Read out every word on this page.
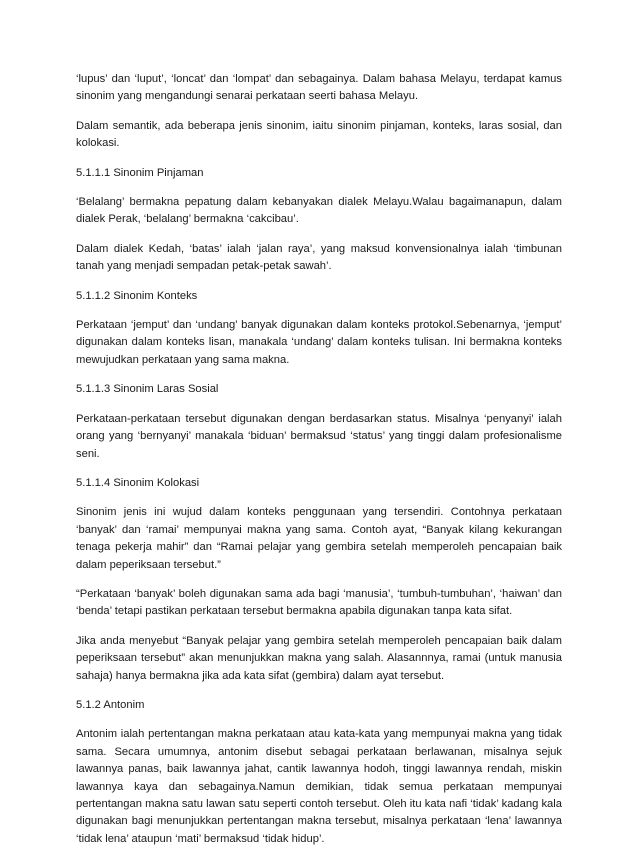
‘lupus’ dan ‘luput’, ‘loncat’ dan ‘lompat’ dan sebagainya. Dalam bahasa Melayu, terdapat kamus sinonim yang mengandungi senarai perkataan seerti bahasa Melayu.

Dalam semantik, ada beberapa jenis sinonim, iaitu sinonim pinjaman, konteks, laras sosial, dan kolokasi.

5.1.1.1 Sinonim Pinjaman

‘Belalang’ bermakna pepatung dalam kebanyakan dialek Melayu.Walau bagaimanapun, dalam dialek Perak, ‘belalang’ bermakna ‘cakcibau’.

Dalam dialek Kedah, ‘batas’ ialah ‘jalan raya’, yang maksud konvensionalnya ialah ‘timbunan tanah yang menjadi sempadan petak-petak sawah’.

5.1.1.2 Sinonim Konteks

Perkataan ‘jemput’ dan ‘undang’ banyak digunakan dalam konteks protokol.Sebenarnya, ‘jemput’ digunakan dalam konteks lisan, manakala ‘undang’ dalam konteks tulisan. Ini bermakna konteks mewujudkan perkataan yang sama makna.

5.1.1.3 Sinonim Laras Sosial

Perkataan-perkataan tersebut digunakan dengan berdasarkan status. Misalnya ‘penyanyi’ ialah orang yang ‘bernyanyi’ manakala ‘biduan’ bermaksud ‘status’ yang tinggi dalam profesionalisme seni.

5.1.1.4 Sinonim Kolokasi

Sinonim jenis ini wujud dalam konteks penggunaan yang tersendiri. Contohnya perkataan ‘banyak’ dan ‘ramai’ mempunyai makna yang sama. Contoh ayat, “Banyak kilang kekurangan tenaga pekerja mahir” dan “Ramai pelajar yang gembira setelah memperoleh pencapaian baik dalam peperiksaan tersebut.”

“Perkataan ‘banyak’ boleh digunakan sama ada bagi ‘manusia’, ‘tumbuh-tumbuhan’, ‘haiwan’ dan ‘benda’ tetapi pastikan perkataan tersebut bermakna apabila digunakan tanpa kata sifat.

Jika anda menyebut “Banyak pelajar yang gembira setelah memperoleh pencapaian baik dalam peperiksaan tersebut” akan menunjukkan makna yang salah. Alasannnya, ramai (untuk manusia sahaja) hanya bermakna jika ada kata sifat (gembira) dalam ayat tersebut.

5.1.2 Antonim

Antonim ialah pertentangan makna perkataan atau kata-kata yang mempunyai makna yang tidak sama. Secara umumnya, antonim disebut sebagai perkataan berlawanan, misalnya sejuk lawannya panas, baik lawannya jahat, cantik lawannya hodoh, tinggi lawannya rendah, miskin lawannya kaya dan sebagainya.Namun demikian, tidak semua perkataan mempunyai pertentangan makna satu lawan satu seperti contoh tersebut. Oleh itu kata nafi ‘tidak’ kadang kala digunakan bagi menunjukkan pertentangan makna tersebut, misalnya perkataan ‘lena’ lawannya ‘tidak lena’ ataupun ‘mati’ bermaksud ‘tidak hidup’.
